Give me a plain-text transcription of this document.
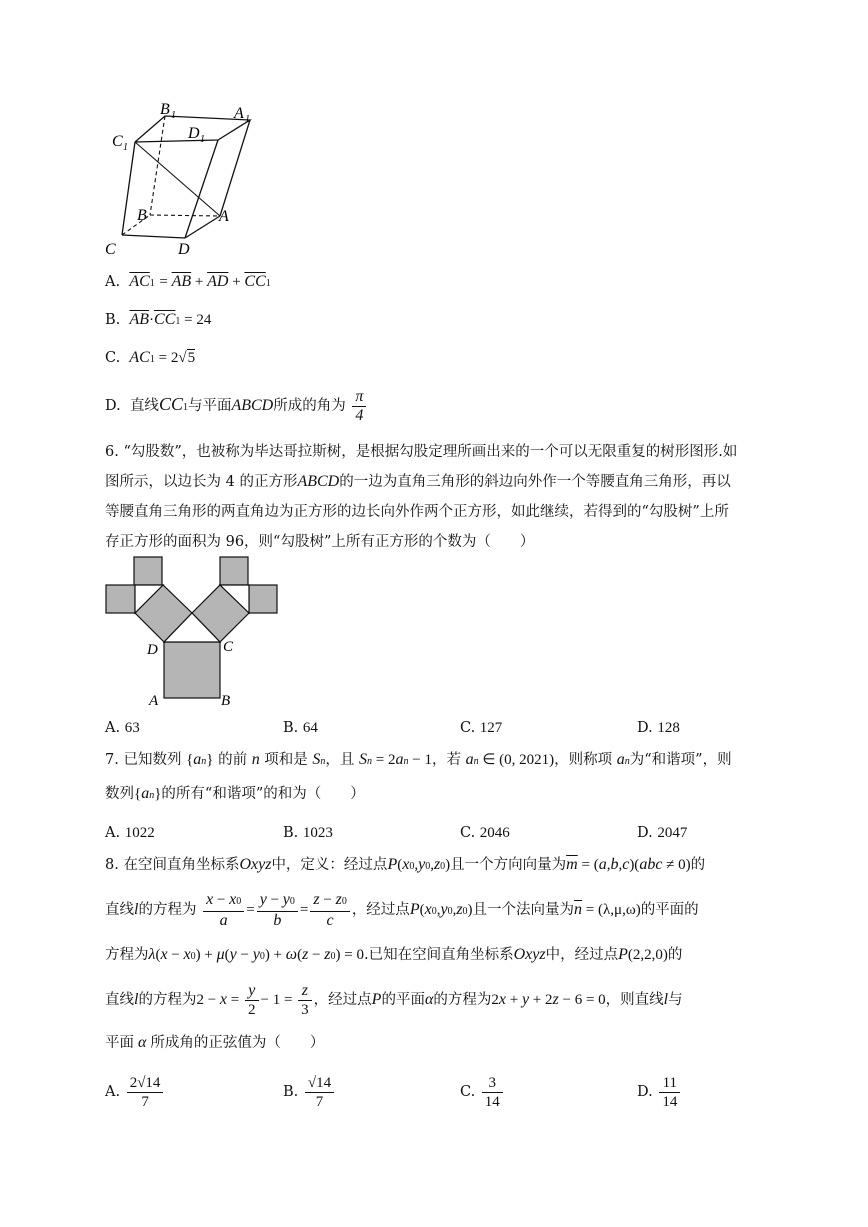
B 1	A 1
C 1
D 1
B	A
C	D
A. $\overline{AC}1 = \overline{AB} + \overline{AD} + \overline{CC}1$
B. $\overline{AB}\cdot\overline{CC}1 = 24$
C. AC1 = 2√5
D. 直线CC1与平面ABCD所成的角为 $\frac{\pi}{4}$
6. “勾股数”，也被称为毕达哥拉斯树，是根据勾股定理所画出来的一个可以无限重复的树形图形.如
图所示，以边长为 4 的正方形ABCD的一边为直角三角形的斜边向外作一个等腰直角三角形，再以
等腰直角三角形的两直角边为正方形的边长向外作两个正方形，如此继续，若得到的“勾股树”上所
存正方形的面积为 96，则“勾股树”上所有正方形的个数为（　　）
D	C
A	B
A. 63	B. 64	C. 127	D. 128
7. 已知数列 {an} 的前 n 项和是 Sn，且 Sn = 2an − 1，若 an ∈ (0, 2021)，则称项 an为“和谐项”，则
数列{an}的所有“和谐项”的和为（　　）
A. 1022	B. 1023	C. 2046	D. 2047
8. 在空间直角坐标系Oxyz中，定义：经过点P(x0,y0,z0)且一个方向向量为$\overline{m} = (a,b,c)(abc \ne 0)$的
直线l的方程为 $\frac{x - x0}{a} = \frac{y - y0}{b} = \frac{z - z0}{c}$ ，经过点P(x0,y0,z0)且一个法向量为$\overline{n} = (\lambda,\mu,\omega)$的平面的
方程为λ(x − x0) + μ(y − y0) + ω(z − z0) = 0.已知在空间直角坐标系Oxyz中，经过点P(2,2,0)的
直线l的方程为$2 - x = \frac{y}{2} - 1 = \frac{z}{3}$ ，经过点P的平面α的方程为2x + y + 2z − 6 = 0，则直线l与
平面 α 所成角的正弦值为（　　）
A. $\frac{2√14}{7}$	B. $\frac{√14}{7}$	C. $\frac{3}{14}$	D. $\frac{11}{14}$
